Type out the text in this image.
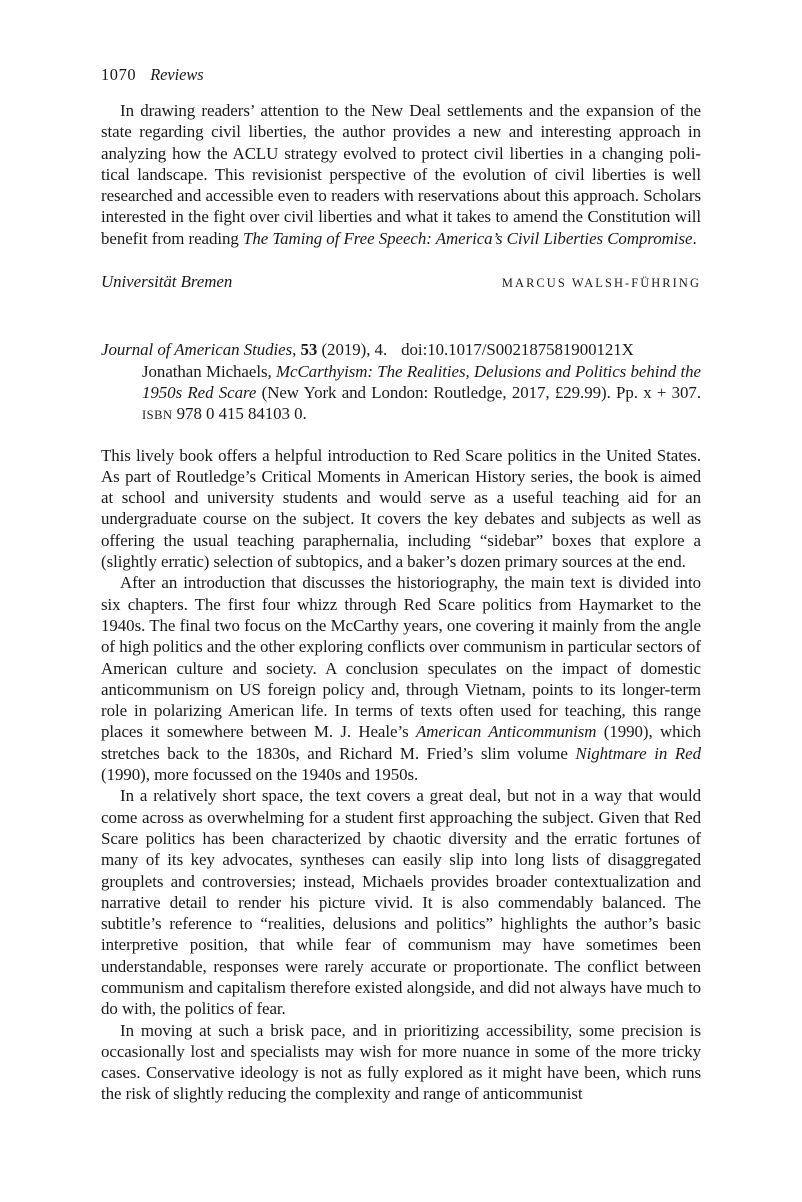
1070 Reviews

In drawing readers’ attention to the New Deal settlements and the expansion of the state regarding civil liberties, the author provides a new and interesting approach in analyzing how the ACLU strategy evolved to protect civil liberties in a changing political landscape. This revisionist perspective of the evolution of civil liberties is well researched and accessible even to readers with reservations about this approach. Scholars interested in the fight over civil liberties and what it takes to amend the Constitution will benefit from reading The Taming of Free Speech: America’s Civil Liberties Compromise.

Universität Bremen	MARCUS WALSH-FÜHRING
Journal of American Studies, 53 (2019), 4. doi:10.1017/S002187581900121X
Jonathan Michaels, McCarthyism: The Realities, Delusions and Politics behind the 1950s Red Scare (New York and London: Routledge, 2017, £29.99). Pp. x + 307. ISBN 978 0 415 84103 0.

This lively book offers a helpful introduction to Red Scare politics in the United States. As part of Routledge’s Critical Moments in American History series, the book is aimed at school and university students and would serve as a useful teaching aid for an undergraduate course on the subject. It covers the key debates and subjects as well as offering the usual teaching paraphernalia, including “sidebar” boxes that explore a (slightly erratic) selection of subtopics, and a baker’s dozen primary sources at the end.

After an introduction that discusses the historiography, the main text is divided into six chapters. The first four whizz through Red Scare politics from Haymarket to the 1940s. The final two focus on the McCarthy years, one covering it mainly from the angle of high politics and the other exploring conflicts over communism in particular sectors of American culture and society. A conclusion speculates on the impact of domestic anticommunism on US foreign policy and, through Vietnam, points to its longer-term role in polarizing American life. In terms of texts often used for teaching, this range places it somewhere between M. J. Heale’s American Anticommunism (1990), which stretches back to the 1830s, and Richard M. Fried’s slim volume Nightmare in Red (1990), more focussed on the 1940s and 1950s.

In a relatively short space, the text covers a great deal, but not in a way that would come across as overwhelming for a student first approaching the subject. Given that Red Scare politics has been characterized by chaotic diversity and the erratic fortunes of many of its key advocates, syntheses can easily slip into long lists of disaggregated grouplets and controversies; instead, Michaels provides broader contextualization and narrative detail to render his picture vivid. It is also commendably balanced. The subtitle’s reference to “realities, delusions and politics” highlights the author’s basic interpretive position, that while fear of communism may have sometimes been understandable, responses were rarely accurate or proportionate. The conflict between communism and capitalism therefore existed alongside, and did not always have much to do with, the politics of fear.

In moving at such a brisk pace, and in prioritizing accessibility, some precision is occasionally lost and specialists may wish for more nuance in some of the more tricky cases. Conservative ideology is not as fully explored as it might have been, which runs the risk of slightly reducing the complexity and range of anticommunist
